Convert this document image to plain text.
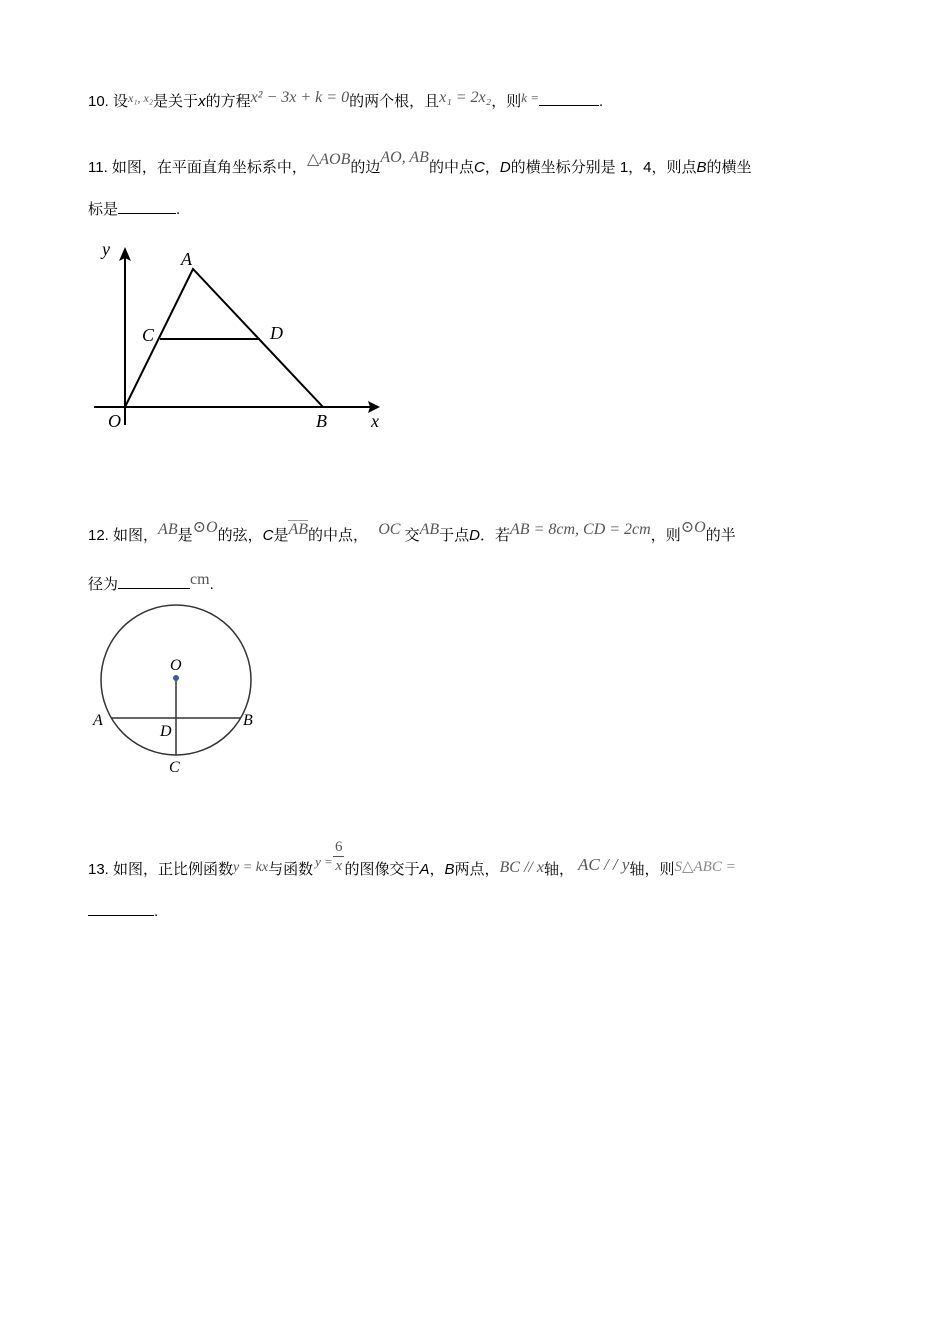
10. 设$^{x_1, x_2}$是关于x的方程x² − 3x + k = 0的两个根，且x₁ = 2x₂，则k =	.
11. 如图，在平面直角坐标系中，△AOB的边AO, AB的中点C，D的横坐标分别是 1，4，则点B的横坐
标是	.
y	A
C	D
O	B x
12. 如图，AB是⊙O的弦，C是AB的中点， OC 交AB于点D．若AB = 8cm, CD = 2cm，则⊙O的半
径为	cm.
O
A	B
D
C
13. 如图，正比例函数y = kx与函数 $y = \frac{6}{x}$ 的图像交于A，B两点，BC // x轴， AC / / y轴，则S△ABC =
.
